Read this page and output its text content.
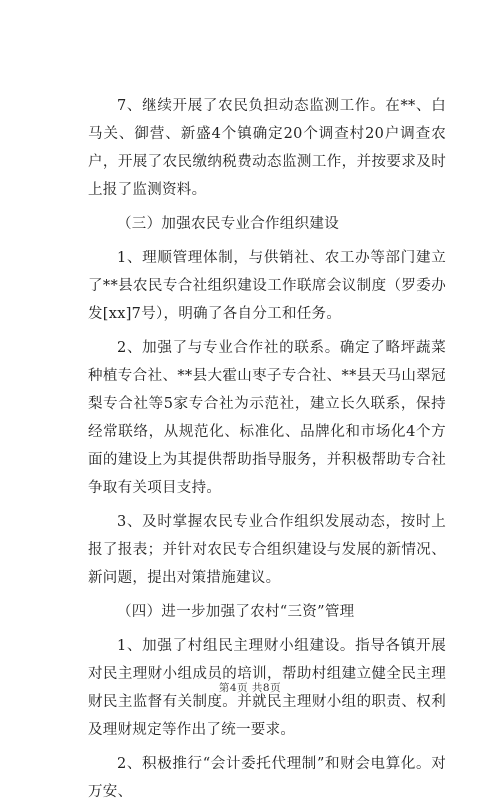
7、继续开展了农民负担动态监测工作。在**、白马关、御营、新盛4个镇确定20个调查村20户调查农户，开展了农民缴纳税费动态监测工作，并按要求及时上报了监测资料。

（三）加强农民专业合作组织建设

1、理顺管理体制，与供销社、农工办等部门建立了**县农民专合社组织建设工作联席会议制度（罗委办发[xx]7号），明确了各自分工和任务。

2、加强了与专业合作社的联系。确定了略坪蔬菜种植专合社、**县大霍山枣子专合社、**县天马山翠冠梨专合社等5家专合社为示范社，建立长久联系，保持经常联络，从规范化、标准化、品牌化和市场化4个方面的建设上为其提供帮助指导服务，并积极帮助专合社争取有关项目支持。

3、及时掌握农民专业合作组织发展动态，按时上报了报表；并针对农民专合组织建设与发展的新情况、新问题，提出对策措施建议。

（四）进一步加强了农村“三资”管理

1、加强了村组民主理财小组建设。指导各镇开展对民主理财小组成员的培训，帮助村组建立健全民主理财民主监督有关制度。并就民主理财小组的职责、权利及理财规定等作出了统一要求。

2、积极推行“会计委托代理制”和财会电算化。对万安、

第4页 共8页
